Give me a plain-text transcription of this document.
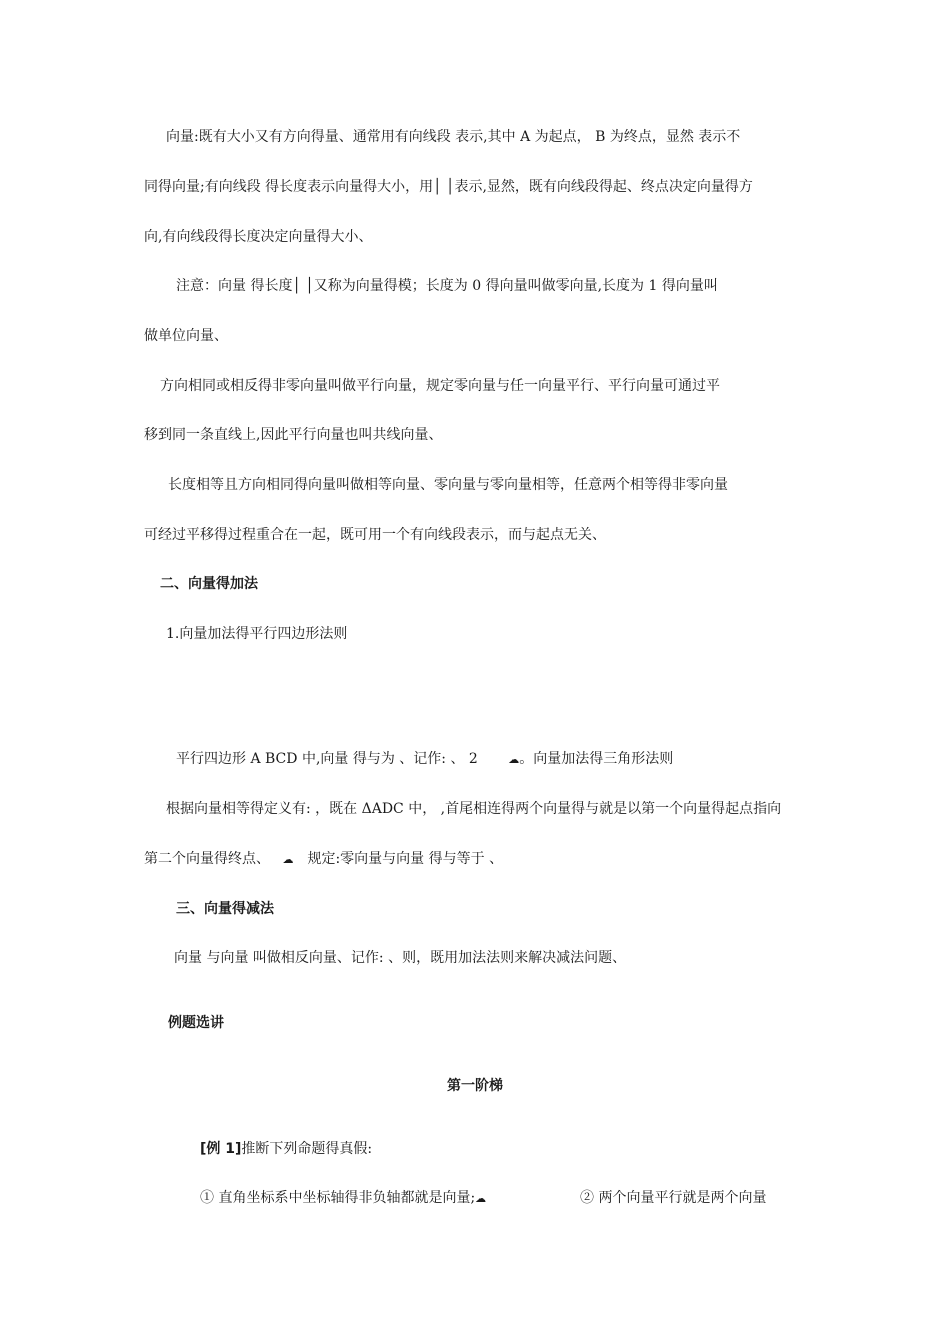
向量:既有大小又有方向得量、通常用有向线段 表示,其中 A 为起点， B 为终点，显然 表示不
同得向量;有向线段 得长度表示向量得大小，用│ │表示,显然，既有向线段得起、终点决定向量得方
向,有向线段得长度决定向量得大小、
注意：向量 得长度│ │又称为向量得模；长度为 0 得向量叫做零向量,长度为 1 得向量叫
做单位向量、
方向相同或相反得非零向量叫做平行向量，规定零向量与任一向量平行、平行向量可通过平
移到同一条直线上,因此平行向量也叫共线向量、
长度相等且方向相同得向量叫做相等向量、零向量与零向量相等，任意两个相等得非零向量
可经过平移得过程重合在一起，既可用一个有向线段表示，而与起点无关、
二、向量得加法
1.向量加法得平行四边形法则
平行四边形 A BCD 中,向量 得与为 、记作: 、 2	☁。向量加法得三角形法则
根据向量相等得定义有: ，既在 ΔADC 中， ,首尾相连得两个向量得与就是以第一个向量得起点指向
第二个向量得终点、 ☁ 规定:零向量与向量 得与等于 、
三、向量得减法
向量 与向量 叫做相反向量、记作: 、则，既用加法法则来解决减法问题、
例题选讲
第一阶梯
[例 1]推断下列命题得真假:
① 直角坐标系中坐标轴得非负轴都就是向量;☁	② 两个向量平行就是两个向量
